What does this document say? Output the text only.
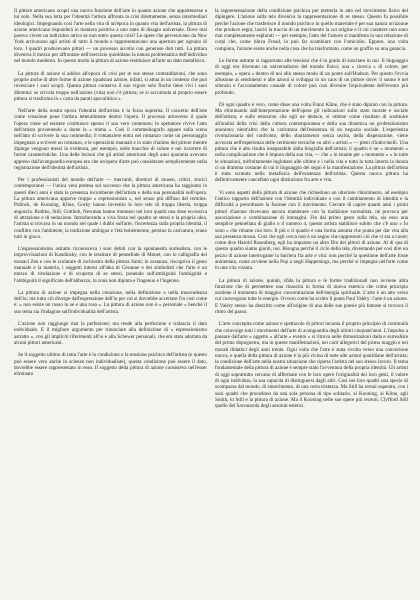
Il pittore americano scoprì una nuova funzione dell'arte in quanto azione che appartenesse a lui solo. Nella sua lotta per l'identità l'artista affronta la crisi direttamente, senza intermediari ideologici. Impegnando così l'arte nella vita di un'epoca in quanto vita dell'artista, la pittura di azione americana risponderà in maniera positiva a uno stato di disagio universale. Dove mai poteva vivere un individuo attivo se non entro questa crisi? Le opere che pervenivano da New York arrivavano agli artisti di tutto il mondo e rappresentavano una apertura per ognuno di loro. I quadri producevano pittori — un processo accolto con generose doti tutti. La pittura diveniva il mezzo per affrontare nell'esercizio quotidiano la natura problematica dell'individuo nel mondo moderno. In questo modo la pittura di azione restituisce all'arte un dato metafisico.

La pittura di azione si addice all'epoca di crisi per le sue stesse contraddizioni, che sono proprie anche di altre forme di azione (qualsiasi azione, infatti, si attua in un contesto che può rovesciare i suoi scopi). Questa pittura conserva il suo vigore solo finché tiene vivi i suoi dilemmi: se scivola troppo nell'azione (vita) non c'è pittura; se si accomoda al proprio essere pittura si trasforma in « carta da parati apocalittica ».

Nell'arte della nostra epoca l'identità dell'artista è la forza suprema. Il concetto dell'arte come creazione pone l'artista letteralmente dentro l'opera. Il processo attraverso il quale l'opera viene ad esistere costituisce spesso il suo vero contenuto; lo spettatore rivive l'atto dell'artista provenendo a darne la « trama ». Così il commediografo appare sulla scena nell'atto di scrivere la sua commedia; il romanziere entra nel romanzo come un personaggio impegnato a scrivere un romanzo, e le operazioni manuali e lo stato d'animo del pittore mentre dipinge vengono messi in evidenza, per esempio, nelle macchie di colore e nei ricorrere di forme caratteristiche. Una delle lezioni che gli artisti americani degli anni quaranta avevano appreso dall'avanguardia europea era che un'opera d'arte può considerare semplicemente nella registrazione dell'identità dell'artista.

Per i professionisti del mondo dell'arte — mercanti, direttori di museo, critici, storici contemporanei — l'unica vera pretesa sul successo che la pittura americana ha raggiunto in questi dieci anni è stata la presenza incombente dell'artista e della sua personalità nell'opera. La pittura americana apparve troppo « espressionista », nel senso più diffuso del termine. Pollock, de Kooning, Kline, Gorky hanno investito le loro tele di troppa libertà, troppa angoscia. Rothko, Still, Gottlieb, Newman hanno immesso nei loro quadri una dose eccessiva di attrazione e di seduzione. Introducendo a viva forza nel quadro se stessi e la propria idea, l'artista si trovava in un mondo nel quale i dubbi sull'arte, l'incertezza sulla propria identità, il conflitto con l'ambiente, la tradizione ambigua e l'età bohémienne, persino la caricatura, erano tutti in gioco.

L'espressionismo astratto riconosceva i suoi debiti con la spontaneità surrealista, con le improvvisazioni di Kandinsky, con le tessiture di pennellate di Monet, con lo calligrafia dei monaci Zen e con le scolature di inchiostro della pittura Sumi; in sostanza, riscopriva il gesto manuale e la materia, i soggetti interni all'idea di Cézanne e dei simbolisti che l'arte è un mezzo di rivelazione e di scoperta di se stessi, ponendo sull'ambiguità l'ambiguità e l'ambiguità il significato dell'abbozzo, la zona non dipinta e l'ingenuo e l'ingenuo.

La pittura di azione si impegna nella creazione, nella definizione o nella trascendenza dell'io; ma tutto ciò diverge dall'espressione dell'io per cui si dovrebbe accertare l'io così come è: « non esiste un rosso in sé e una rosa ». La pittura di azione non è « personale » benché il suo tema sia l'indagine sull'individualità dell'artista.

L'azione non raggiunge mai la perfezione; ma tende alla perfezione e tralascia il dato individuale. E il migliore argomento per rinunciare alla definizione di « espressionismo astratto », con gli impliciti riferimenti all'io e alla Schewer personali, che era stata adottata da alcuni pittori americani.

Se il soggetto ultimo di tutta l'arte è la condizione o la tensione psichica dell'artista (e questo può essere vero anche in scienze non individualiste), questa condizione può essere il dato, dovrebbe essere rappresentato in esso. Il soggetto della pittura di azione consisteva nell'esser eliminato

la rappresentazione della condizione psichica per metterla in atto nel movimento fisico del dipingere. L'azione sulla tela diveniva la rappresentazione di se stesso. Questo fu possibile perché l'azione che trasferisce il mondo psichico in quello materiale è per sua natura un'azione che produce segni; lasciò la traccia di un movimento la cui origine e il cui carattere non sono mai completamente esplorati — per esempio, l'atto del l'amore si manifesta in una relazione di corpi che, come rileva Freud, lo può far scambiare con l'omicidio. Eppure, una volta compiuta, l'azione esiste anche nella cosa che ha trasformato, come un graffio su una guancia.

Le forme astratte si rapportano alle tensioni che è in grado di suscitare in noi. Il linguaggio di oggi era divenuto un universalismo del mondo fisico; una « ricerca » di colore, per esempio, « opera » dentro di noi allo stesso modo di un ponte sull'Hudson. Per questo l'ovvia allusione ai sentimenti e alle azioni si sviluppa in un caos di un pittore dove: il suono è nel silenzio e l'accostamento casuale di colore può così divenire l'equivalente dell'evento più profondo.

Di ogni quadro è vero, come disse una volta Franz Kline, che è stato dipinto con la pittura. Ma eliminando dall'interpretazione dell'opera gli indicazioni sullo stato morale e sociale dell'artista, e sulle emozioni che egli ne deduce, si ottiene come risultato di sostituire all'analisi della crisi della cultura contemporanea e della sua dinamica un professionismo anonimo; nient'altro che la caricatura dell'esistenza di un negozio sociale. L'esperienza rivoluzionaria del confronto, dello sbarramento senza uscita, della disperazione, viene accecata nell'esperienza delle cerimonie tecniche su altri « artisti » — pieni d'indovinelli. Una pittura che è alto risulta inseparabile dalla biografia dell'artista; il quadro è un « momento » nella complicazione che è impura della sua vita, — che « in istante per « momento » « in tutte le situazioni, mifroltamente inglobato alle ultime e i nella vita e tutta la tutta interra la durata ci un dramma costante di cui il linguaggio dei segni è la manifestazione. La pittura dell'artista è stata scrutata nella metafisica dell'esistenza dell'artista. Questa nuova pittura ha definitivamente cancellato ogni distinzione fra arte e vita.

Vi sono aspetti della pittura di azione che richiedono un ulteriore chiarimento, ad esempio l'antico rapporto dell'azione con l'identità individuale o con il cambiamento di identità e la difficoltà a preordinare la fusione con il movimento. Cercare di capire quanti anni i primi pittori d'azione dovevano ancora mantenere con la tradizione surrealista, né provoca per associazione o combinazione di immagini. Fin dal primo gesto sulla tela, sia esso una semplice pennellata di giallo o il numero 4, questo artista stabilisce subito che c'è uno « Io sono » che rimane con loro. Il più o il quadro è una forma astratta che punta per dar vita alla sua presenza mossa. Così che egli cerca non è un segno che rappresenti ciò che ci sta a cuore; come dice Harold Rosenberg, egli ha imparato un altro Dio dei pittori di azione. Al di qua di questo quadro siamo giunti, noi. Bisogna perché il ciclo della tela, diventando per così dire un pezzo di azione interrogante la barriera fra arte e vita: non perché la questione dell'arte fosse annientata, come avviene nella Pop a negli Happenings, ma perché si impegna nell'arte come in una vita vissuta.

La pittura di azione, quindi, sfida la pittura e le forme tradizionali non avviene altra funzione che di permettere una rinascita in forma di nuova estetica che come principio sostiene il momento di maggior concentrazione dell'energia spirituale. L'arte è un atto verso cui convergono tutte le energie. Ovvero come ha scritto il poeta Paul Valéry: l'arte è un azione. E Valéry stesso ha descritto come all'origine di una delle sue poesie più famose si trovava il ritmo del passo.

L'arte concepita come azione e spettacolo di pittori incarna il proprio principio di continuità che coinvolge tutti i movimenti dell'arte di avanguardia degli ultimi cinquant'anni. L'impulso a passare dall'arte « oggetto » all'arte « evento » si ritrova nelle dimostrazioni dada e surrealiste del primo dopoguerra, ma in queste manifestazioni, nei carri allegorici del primo maggio e nei murali didattici degli anni trenta. Ogni volta che l'arte è stata rivolta verso una concezione nuova, e quella della pittura di azione è la più vicina di tutte alle azioni quotidiane dell'artista; la condizione dell'arte nella nostra situazione che riporta l'artista nel suo stesso lavoro. Il tema fondamentale della pittura di azione è sempre stato l'avventura della propria identità. Gli artisti di oggi soprattutto cercano di affermare con le loro opere l'originalità dei loro gesti, il valore di ogni individuo, la sua capacità di distinguersi dagli altri. Così nei loro quadri una specie di scomparsa dal mondo, di smarrimento, di una certa tristezza. Ma Still ha ormai superato, con i suoi quadri che procedono da una sola persona di tipo solitario, ai Kooning, ai Kline, agli Smith, lo Still e la pittura di azione. Ma il Kooning nelle sue opere più recenti, Clyfford Still quello del Savonarola degli assoluti estetici.
